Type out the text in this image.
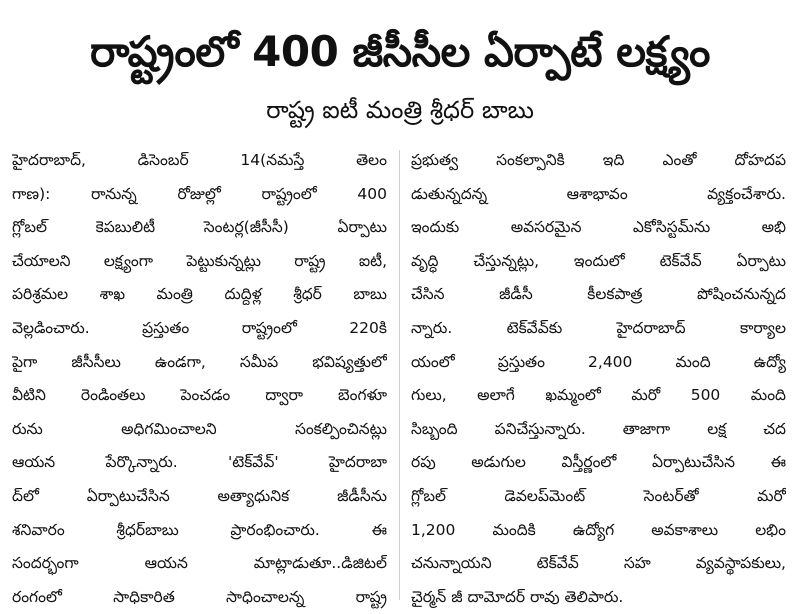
రాష్ట్రంలో 400 జీసీసీల ఏర్పాటే లక్ష్యం
రాష్ట్ర ఐటీ మంత్రి శ్రీధర్ బాబు
హైదరాబాద్, డిసెంబర్ 14(నమస్తే తెలం
గాణ): రానున్న రోజుల్లో రాష్ట్రంలో 400
గ్లోబల్ కెపబులిటీ సెంటర్ల(జీసీసీ) ఏర్పాటు
చేయాలని లక్ష్యంగా పెట్టుకున్నట్లు రాష్ట్ర ఐటీ,
పరిశ్రమల శాఖ మంత్రి దుద్దిళ్ల శ్రీధర్ బాబు
వెల్లడించారు. ప్రస్తుతం రాష్ట్రంలో 220కి
పైగా జీసీసీలు ఉండగా, సమీప భవిష్యత్తులో
వీటిని రెండింతలు పెంచడం ద్వారా బెంగళూ
రును అధిగమించాలని సంకల్పించినట్లు
ఆయన పేర్కొన్నారు. 'టెక్‌వేవ్' హైదరాబా
ద్‌లో ఏర్పాటుచేసిన అత్యాధునిక జీడీసీను
శనివారం శ్రీధర్‌బాబు ప్రారంభించారు. ఈ
సందర్భంగా ఆయన మాట్లాడుతూ..డిజిటల్
రంగంలో సాధికారిత సాధించాలన్న రాష్ట్ర
ప్రభుత్వ సంకల్పానికి ఇది ఎంతో దోహదప
డుతున్నదన్న ఆశాభావం వ్యక్తంచేశారు.
ఇందుకు అవసరమైన ఎకోసిస్టమ్‌ను అభి
వృద్ధి చేస్తున్నట్లు, ఇందులో టెక్‌వేవ్ ఏర్పాటు
చేసిన జీడీసీ కీలకపాత్ర పోషించనున్నద
న్నారు. టెక్‌వేవ్‌కు హైదరాబాద్ కార్యాల
యంలో ప్రస్తుతం 2,400 మంది ఉద్యో
గులు, అలాగే ఖమ్మంలో మరో 500 మంది
సిబ్బంది పనిచేస్తున్నారు. తాజాగా లక్ష చద
రపు అడుగుల విస్తీర్ణంలో ఏర్పాటుచేసిన ఈ
గ్లోబల్ డెవలప్‌మెంట్ సెంటర్‌తో మరో
1,200 మందికి ఉద్యోగ అవకాశాలు లభిం
చనున్నాయని టెక్‌వేవ్ సహ వ్యవస్థాపకులు,
చైర్మన్ జీ దామోదర్ రావు తెలిపారు.
